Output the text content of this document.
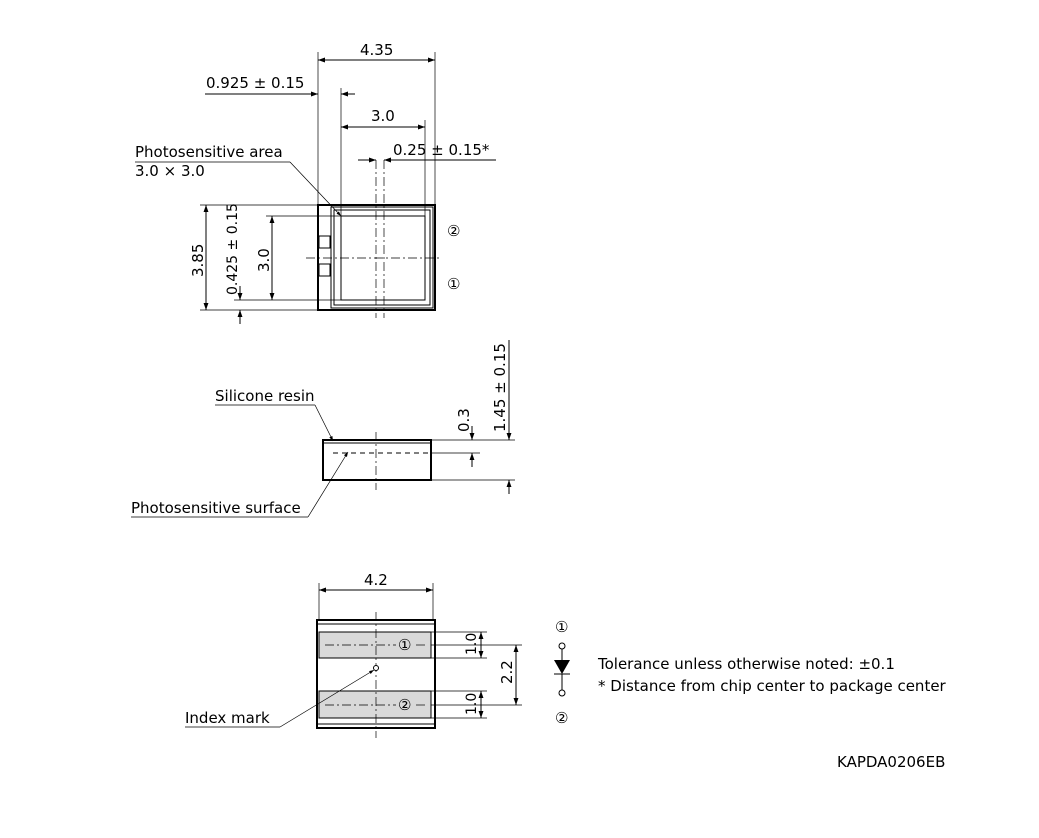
4.35
0.925 ± 0.15
3.0
0.25 ± 0.15*
Photosensitive area
3.0 × 3.0
3.85 0.425 ± 0.15 3.0
②
①
0.3 1.45 ± 0.15
Silicone resin
Photosensitive surface
4.2
①
②
Index mark
1.0
1.0
2.2
①
②
Tolerance unless otherwise noted: ±0.1
* Distance from chip center to package center
KAPDA0206EB
